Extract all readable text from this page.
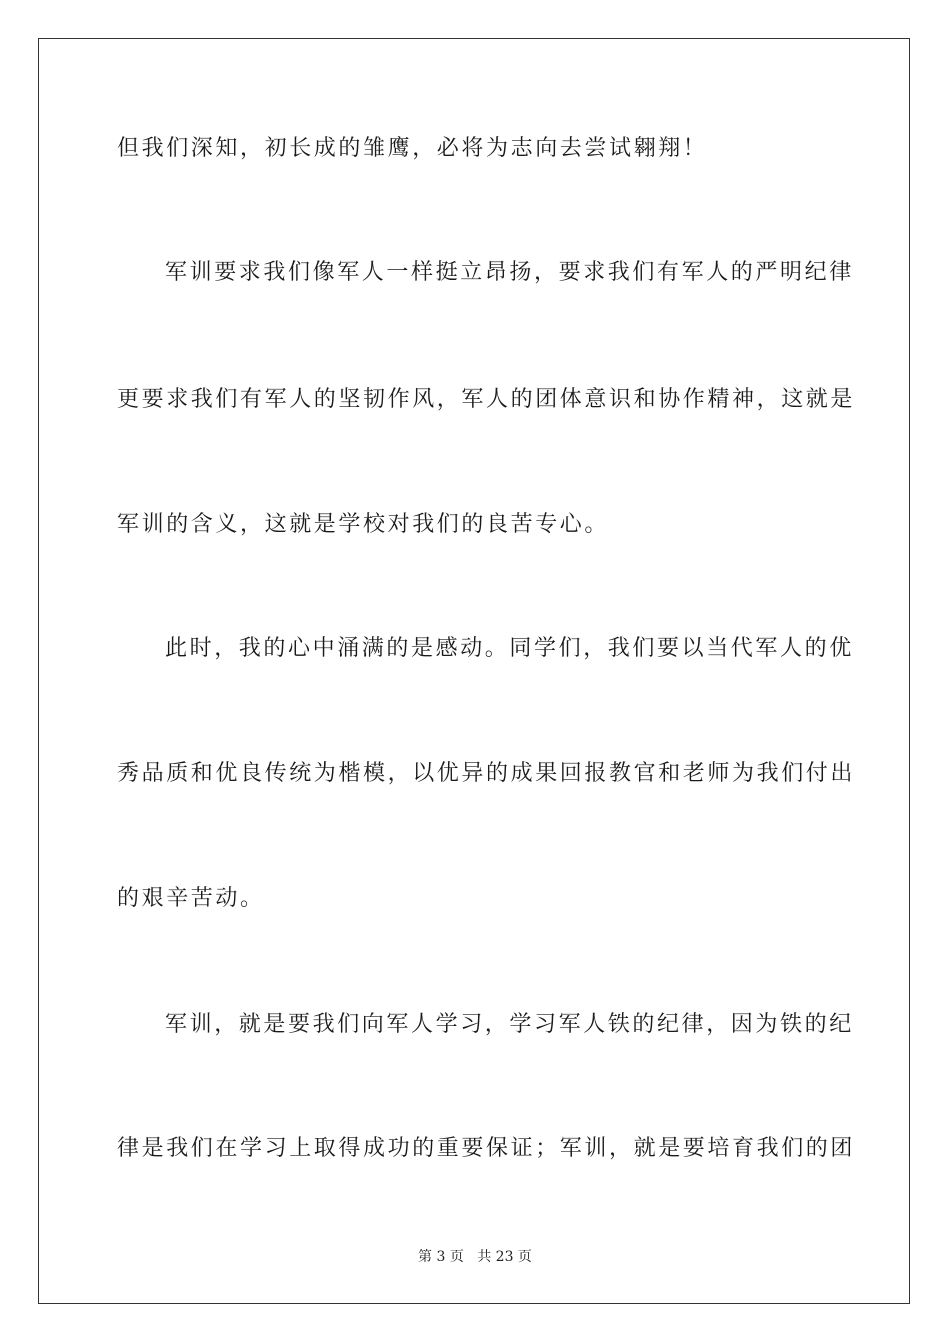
但我们深知，初长成的雏鹰，必将为志向去尝试翱翔！
军训要求我们像军人一样挺立昂扬，要求我们有军人的严明纪律
更要求我们有军人的坚韧作风，军人的团体意识和协作精神，这就是
军训的含义，这就是学校对我们的良苦专心。
此时，我的心中涌满的是感动。同学们，我们要以当代军人的优
秀品质和优良传统为楷模，以优异的成果回报教官和老师为我们付出
的艰辛苦动。
军训，就是要我们向军人学习，学习军人铁的纪律，因为铁的纪
律是我们在学习上取得成功的重要保证；军训，就是要培育我们的团
第 3 页 共 23 页
